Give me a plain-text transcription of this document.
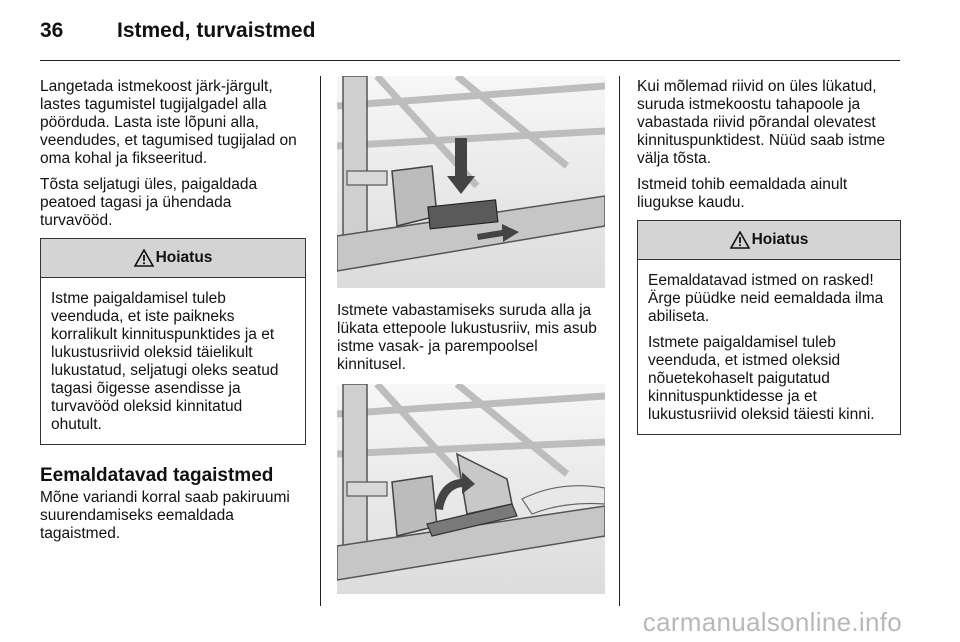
36	Istmed, turvaistmed

Langetada istmekoost järk-järgult, lastes tagumistel tugijalgadel alla pöörduda. Lasta iste lõpuni alla, veendudes, et tagumised tugijalad on oma kohal ja fikseeritud.

Tõsta seljatugi üles, paigaldada peatoed tagasi ja ühendada turvavööd.

Hoiatus

Istme paigaldamisel tuleb veenduda, et iste paikneks korralikult kinnituspunktides ja et lukustusriivid oleksid täielikult lukustatud, seljatugi oleks seatud tagasi õigesse asendisse ja turvavööd oleksid kinnitatud ohutult.

Eemaldatavad tagaistmed

Mõne variandi korral saab pakiruumi suurendamiseks eemaldada tagaistmed.

Istmete vabastamiseks suruda alla ja lükata ettepoole lukustusriiv, mis asub istme vasak- ja parempoolsel kinnitusel.

Kui mõlemad riivid on üles lükatud, suruda istmekoostu tahapoole ja vabastada riivid põrandal olevatest kinnituspunktidest. Nüüd saab istme välja tõsta.

Istmeid tohib eemaldada ainult liugukse kaudu.

Hoiatus

Eemaldatavad istmed on rasked! Ärge püüdke neid eemaldada ilma abiliseta.

Istmete paigaldamisel tuleb veenduda, et istmed oleksid nõuetekohaselt paigutatud kinnituspunktidesse ja et lukustusriivid oleksid täiesti kinni.

carmanualsonline.info
